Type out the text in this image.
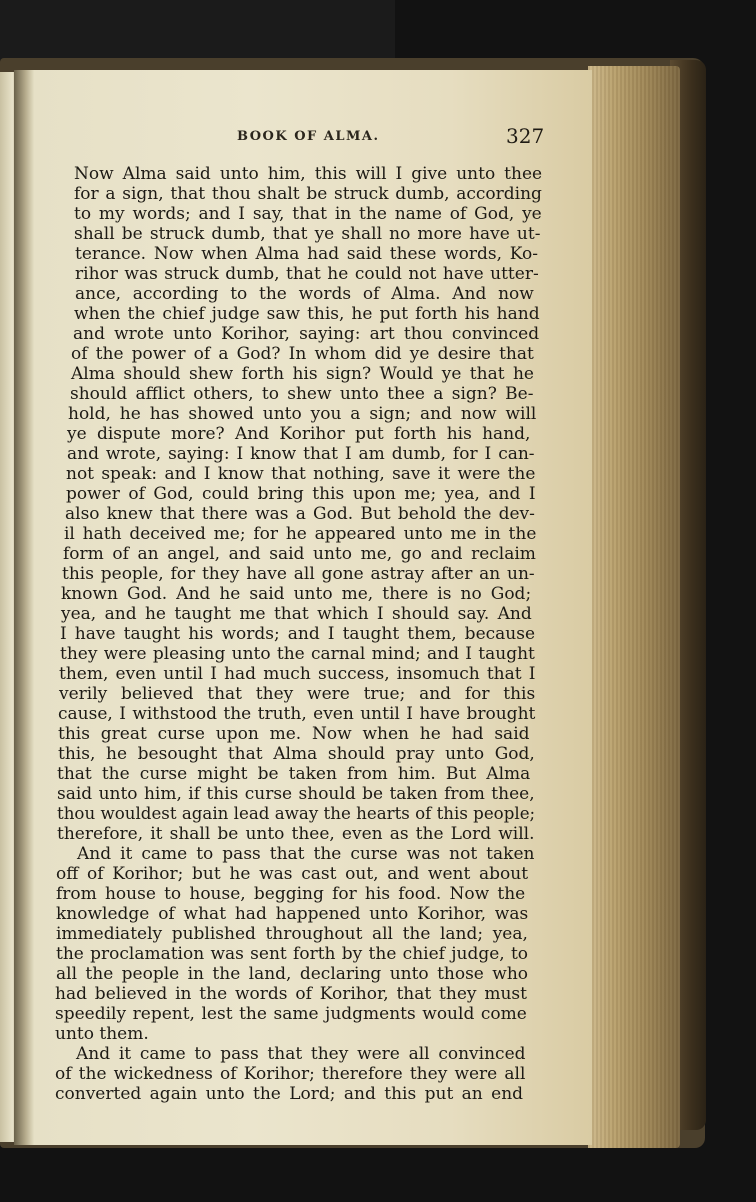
BOOK OF ALMA.	327

Now Alma said unto him, this will I give unto thee

for a sign, that thou shalt be struck dumb, according

to my words; and I say, that in the name of God, ye

shall be struck dumb, that ye shall no more have ut-

terance. Now when Alma had said these words, Ko-

rihor was struck dumb, that he could not have utter-

ance, according to the words of Alma. And now

when the chief judge saw this, he put forth his hand

and wrote unto Korihor, saying: art thou convinced

of the power of a God? In whom did ye desire that

Alma should shew forth his sign? Would ye that he

should afflict others, to shew unto thee a sign? Be-

hold, he has showed unto you a sign; and now will

ye dispute more? And Korihor put forth his hand,

and wrote, saying: I know that I am dumb, for I can-

not speak: and I know that nothing, save it were the

power of God, could bring this upon me; yea, and I

also knew that there was a God. But behold the dev-

il hath deceived me; for he appeared unto me in the

form of an angel, and said unto me, go and reclaim

this people, for they have all gone astray after an un-

known God. And he said unto me, there is no God;

yea, and he taught me that which I should say. And

I have taught his words; and I taught them, because

they were pleasing unto the carnal mind; and I taught

them, even until I had much success, insomuch that I

verily believed that they were true; and for this

cause, I withstood the truth, even until I have brought

this great curse upon me. Now when he had said

this, he besought that Alma should pray unto God,

that the curse might be taken from him. But Alma

said unto him, if this curse should be taken from thee,

thou wouldest again lead away the hearts of this people;

therefore, it shall be unto thee, even as the Lord will.

And it came to pass that the curse was not taken

off of Korihor; but he was cast out, and went about

from house to house, begging for his food. Now the

knowledge of what had happened unto Korihor, was

immediately published throughout all the land; yea,

the proclamation was sent forth by the chief judge, to

all the people in the land, declaring unto those who

had believed in the words of Korihor, that they must

speedily repent, lest the same judgments would come

unto them.

And it came to pass that they were all convinced

of the wickedness of Korihor; therefore they were all

converted again unto the Lord; and this put an end
